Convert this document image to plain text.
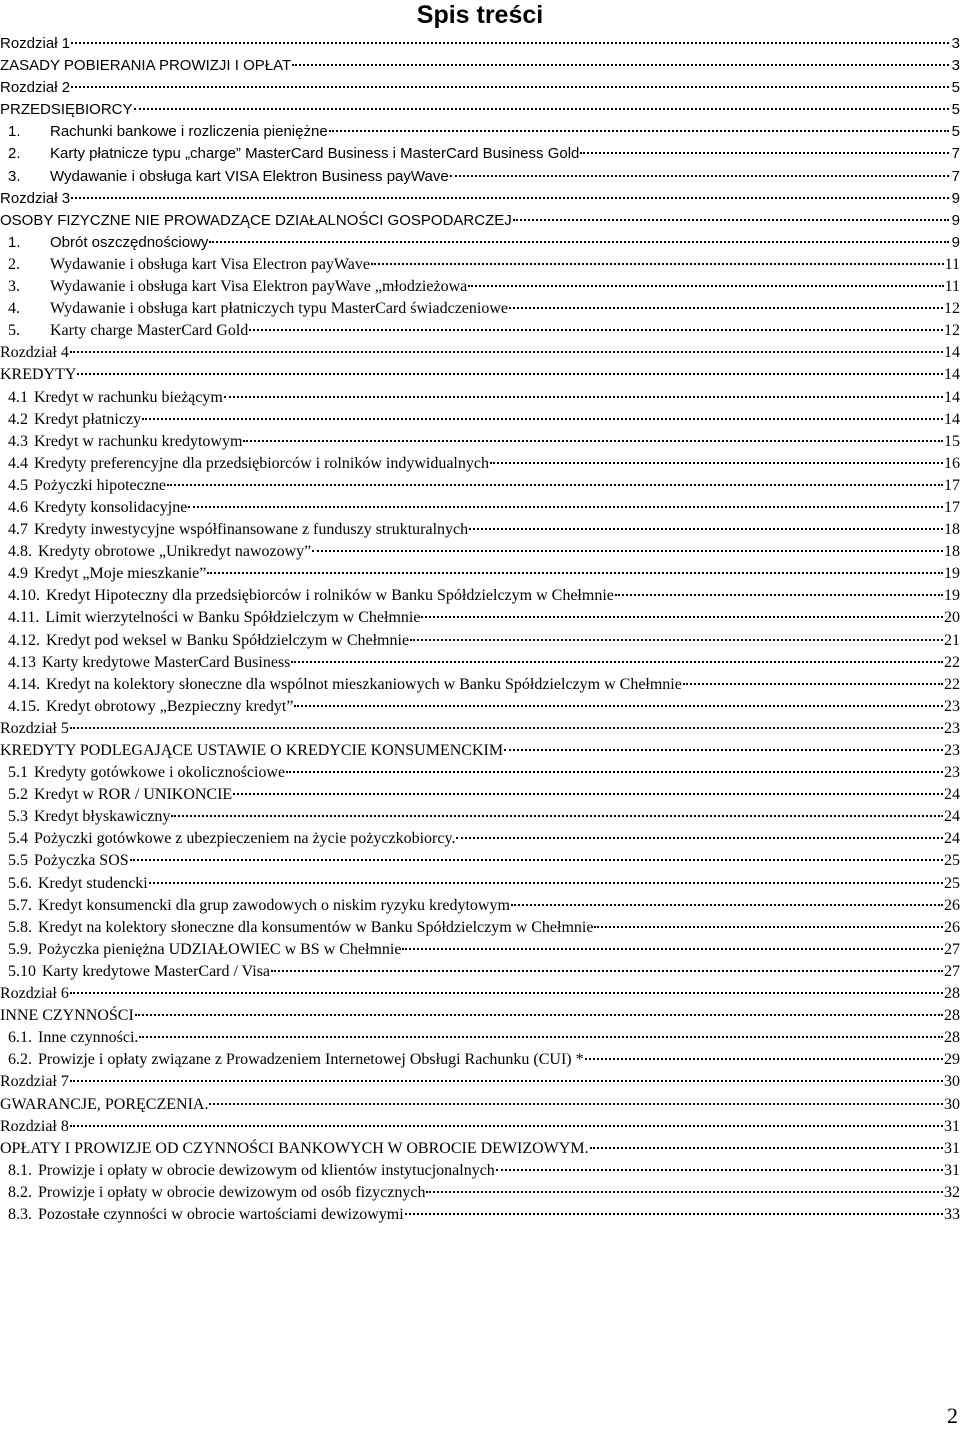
Spis treści
Rozdział 1	3
ZASADY POBIERANIA PROWIZJI I OPŁAT	3
Rozdział 2	5
PRZEDSIĘBIORCY	5
1.	Rachunki bankowe i rozliczenia pieniężne	5
2.	Karty płatnicze typu „charge” MasterCard Business i MasterCard Business Gold	7
3.	Wydawanie i obsługa kart VISA Elektron Business payWave	7
Rozdział 3	9
OSOBY FIZYCZNE NIE PROWADZĄCE DZIAŁALNOŚCI GOSPODARCZEJ	9
1.	Obrót oszczędnościowy	9
2.	Wydawanie i obsługa kart Visa Electron payWave	11
3.	Wydawanie i obsługa kart Visa Elektron payWave „młodzieżowa	11
4.	Wydawanie i obsługa kart płatniczych typu MasterCard świadczeniowe	12
5.	Karty charge MasterCard Gold	12
Rozdział 4	14
KREDYTY	14
4.1 Kredyt w rachunku bieżącym	14
4.2 Kredyt płatniczy	14
4.3 Kredyt w rachunku kredytowym	15
4.4 Kredyty preferencyjne dla przedsiębiorców i rolników indywidualnych	16
4.5 Pożyczki hipoteczne	17
4.6 Kredyty konsolidacyjne	17
4.7 Kredyty inwestycyjne współfinansowane z funduszy strukturalnych	18
4.8. Kredyty obrotowe „Unikredyt nawozowy”	18
4.9 Kredyt „Moje mieszkanie”	19
4.10. Kredyt Hipoteczny dla przedsiębiorców i rolników w Banku Spółdzielczym w Chełmnie	19
4.11. Limit wierzytelności w Banku Spółdzielczym w Chełmnie	20
4.12. Kredyt pod weksel w Banku Spółdzielczym w Chełmnie	21
4.13 Karty kredytowe MasterCard Business	22
4.14. Kredyt na kolektory słoneczne dla wspólnot mieszkaniowych w Banku Spółdzielczym w Chełmnie	22
4.15. Kredyt obrotowy „Bezpieczny kredyt”	23
Rozdział 5	23
KREDYTY PODLEGAJĄCE USTAWIE O KREDYCIE KONSUMENCKIM	23
5.1 Kredyty gotówkowe i okolicznościowe	23
5.2 Kredyt w ROR / UNIKONCIE	24
5.3 Kredyt błyskawiczny	24
5.4 Pożyczki gotówkowe z ubezpieczeniem na życie pożyczkobiorcy.	24
5.5 Pożyczka SOS	25
5.6. Kredyt studencki	25
5.7. Kredyt konsumencki dla grup zawodowych o niskim ryzyku kredytowym	26
5.8. Kredyt na kolektory słoneczne dla konsumentów w Banku Spółdzielczym w Chełmnie	26
5.9. Pożyczka pieniężna UDZIAŁOWIEC w BS w Chełmnie	27
5.10 Karty kredytowe MasterCard / Visa	27
Rozdział 6	28
INNE CZYNNOŚCI	28
6.1. Inne czynności.	28
6.2. Prowizje i opłaty związane z Prowadzeniem Internetowej Obsługi Rachunku (CUI) *	29
Rozdział 7	30
GWARANCJE, PORĘCZENIA.	30
Rozdział 8	31
OPŁATY I PROWIZJE OD CZYNNOŚCI BANKOWYCH W OBROCIE DEWIZOWYM.	31
8.1. Prowizje i opłaty w obrocie dewizowym od klientów instytucjonalnych	31
8.2. Prowizje i opłaty w obrocie dewizowym od osób fizycznych	32
8.3. Pozostałe czynności w obrocie wartościami dewizowymi	33
2
